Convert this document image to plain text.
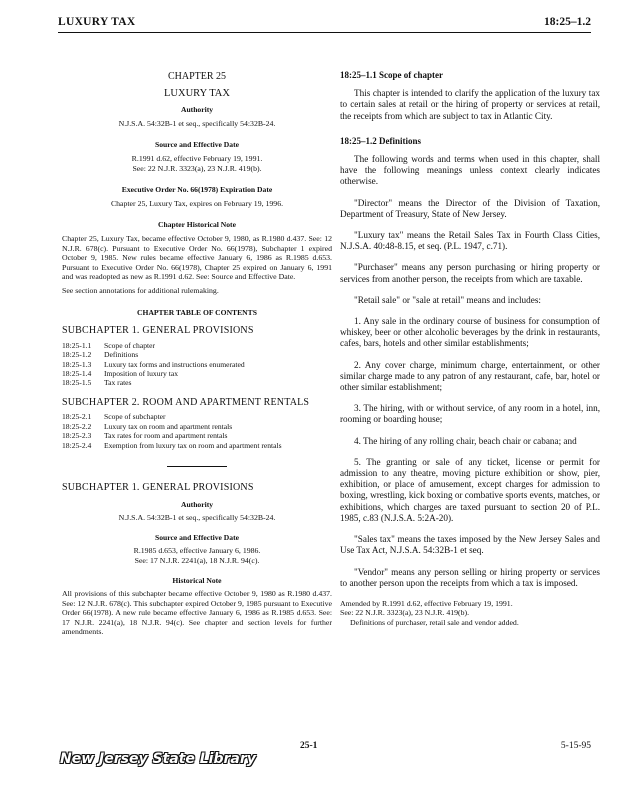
LUXURY TAX	18:25–1.2
CHAPTER 25
LUXURY TAX
Authority
N.J.S.A. 54:32B-1 et seq., specifically 54:32B-24.
Source and Effective Date
R.1991 d.62, effective February 19, 1991.
See: 22 N.J.R. 3323(a), 23 N.J.R. 419(b).
Executive Order No. 66(1978) Expiration Date
Chapter 25, Luxury Tax, expires on February 19, 1996.
Chapter Historical Note
Chapter 25, Luxury Tax, became effective October 9, 1980, as R.1980 d.437. See: 12 N.J.R. 678(c). Pursuant to Executive Order No. 66(1978), Subchapter 1 expired October 9, 1985. New rules became effective January 6, 1986 as R.1985 d.653. Pursuant to Executive Order No. 66(1978), Chapter 25 expired on January 6, 1991 and was readopted as new as R.1991 d.62. See: Source and Effective Date.
See section annotations for additional rulemaking.
CHAPTER TABLE OF CONTENTS
SUBCHAPTER 1. GENERAL PROVISIONS
18:25-1.1	Scope of chapter
18:25-1.2	Definitions
18:25-1.3	Luxury tax forms and instructions enumerated
18:25-1.4	Imposition of luxury tax
18:25-1.5	Tax rates
SUBCHAPTER 2. ROOM AND APARTMENT RENTALS
18:25-2.1	Scope of subchapter
18:25-2.2	Luxury tax on room and apartment rentals
18:25-2.3	Tax rates for room and apartment rentals
18:25-2.4	Exemption from luxury tax on room and apartment rentals
SUBCHAPTER 1. GENERAL PROVISIONS
Authority
N.J.S.A. 54:32B-1 et seq., specifically 54:32B-24.
Source and Effective Date
R.1985 d.653, effective January 6, 1986.
See: 17 N.J.R. 2241(a), 18 N.J.R. 94(c).
Historical Note
All provisions of this subchapter became effective October 9, 1980 as R.1980 d.437. See: 12 N.J.R. 678(c). This subchapter expired October 9, 1985 pursuant to Executive Order 66(1978). A new rule became effective January 6, 1986 as R.1985 d.653. See: 17 N.J.R. 2241(a), 18 N.J.R. 94(c). See chapter and section levels for further amendments.
18:25–1.1 Scope of chapter
This chapter is intended to clarify the application of the luxury tax to certain sales at retail or the hiring of property or services at retail, the receipts from which are subject to tax in Atlantic City.
18:25–1.2 Definitions
The following words and terms when used in this chapter, shall have the following meanings unless context clearly indicates otherwise.
"Director" means the Director of the Division of Taxation, Department of Treasury, State of New Jersey.
"Luxury tax" means the Retail Sales Tax in Fourth Class Cities, N.J.S.A. 40:48-8.15, et seq. (P.L. 1947, c.71).
"Purchaser" means any person purchasing or hiring property or services from another person, the receipts from which are taxable.
"Retail sale" or "sale at retail" means and includes:
1. Any sale in the ordinary course of business for consumption of whiskey, beer or other alcoholic beverages by the drink in restaurants, cafes, bars, hotels and other similar establishments;
2. Any cover charge, minimum charge, entertainment, or other similar charge made to any patron of any restaurant, cafe, bar, hotel or other similar establishment;
3. The hiring, with or without service, of any room in a hotel, inn, rooming or boarding house;
4. The hiring of any rolling chair, beach chair or cabana; and
5. The granting or sale of any ticket, license or permit for admission to any theatre, moving picture exhibition or show, pier, exhibition, or place of amusement, except charges for admission to boxing, wrestling, kick boxing or combative sports events, matches, or exhibitions, which charges are taxed pursuant to section 20 of P.L. 1985, c.83 (N.J.S.A. 5:2A-20).
"Sales tax" means the taxes imposed by the New Jersey Sales and Use Tax Act, N.J.S.A. 54:32B-1 et seq.
"Vendor" means any person selling or hiring property or services to another person upon the receipts from which a tax is imposed.
Amended by R.1991 d.62, effective February 19, 1991.
See: 22 N.J.R. 3323(a), 23 N.J.R. 419(b).
Definitions of purchaser, retail sale and vendor added.
25-1	5-15-95
New Jersey State Library
